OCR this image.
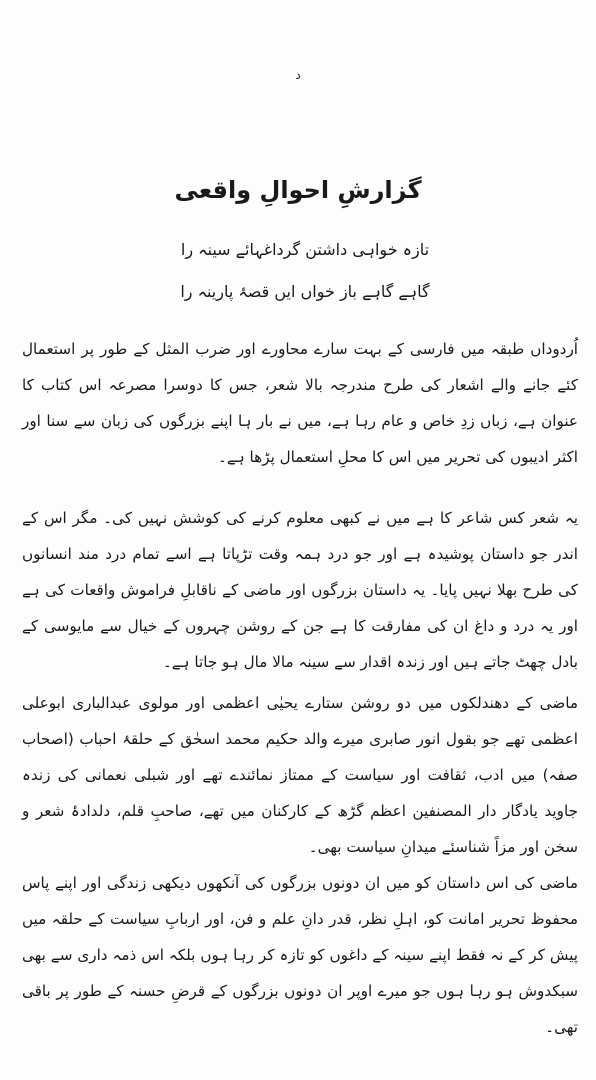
د
گزارشِ احوالِ واقعی
تازہ خواہی داشتن گرداغہائے سینہ را
گاہے گاہے باز خواں ایں قصۂ پارینہ را
اُردوداں طبقہ میں فارسی کے بہت سارے محاورے اور ضرب المثل کے طور پر استعمال کئے جانے والے اشعار کی طرح مندرجہ بالا شعر، جس کا دوسرا مصرعہ اس کتاب کا عنوان ہے، زباں زدِ خاص و عام رہا ہے، میں نے بار ہا اپنے بزرگوں کی زبان سے سنا اور اکثر ادیبوں کی تحریر میں اس کا محلِ استعمال پڑھا ہے۔
یہ شعر کس شاعر کا ہے میں نے کبھی معلوم کرنے کی کوشش نہیں کی۔ مگر اس کے اندر جو داستان پوشیدہ ہے اور جو درد ہمہ وقت تڑپاتا ہے اسے تمام درد مند انسانوں کی طرح بھلا نہیں پایا۔ یہ داستان بزرگوں اور ماضی کے ناقابلِ فراموش واقعات کی ہے اور یہ درد و داغ ان کی مفارقت کا ہے جن کے روشن چہروں کے خیال سے مایوسی کے بادل چھٹ جاتے ہیں اور زندہ اقدار سے سینہ مالا مال ہو جاتا ہے۔
ماضی کے دھندلکوں میں دو روشن ستارے یحیٰی اعظمی اور مولوی عبدالباری ابوعلی اعظمی تھے جو بقول انور صابری میرے والد حکیم محمد اسحٰق کے حلقۂ احباب (اصحاب صفہ) میں ادب، ثقافت اور سیاست کے ممتاز نمائندے تھے اور شبلی نعمانی کی زندہ جاوید یادگار دار المصنفین اعظم گڑھ کے کارکنان میں تھے، صاحبِ قلم، دلدادۂ شعر و سخن اور مزاً شناسئے میدانِ سیاست بھی۔
ماضی کی اس داستان کو میں ان دونوں بزرگوں کی آنکھوں دیکھی زندگی اور اپنے پاس محفوظ تحریر امانت کو، اہلِ نظر، قدر دانِ علم و فن، اور اربابِ سیاست کے حلقہ میں پیش کر کے نہ فقط اپنے سینہ کے داغوں کو تازہ کر رہا ہوں بلکہ اس ذمہ داری سے بھی سبکدوش ہو رہا ہوں جو میرے اوپر ان دونوں بزرگوں کے قرضِ حسنہ کے طور پر باقی تھی۔
